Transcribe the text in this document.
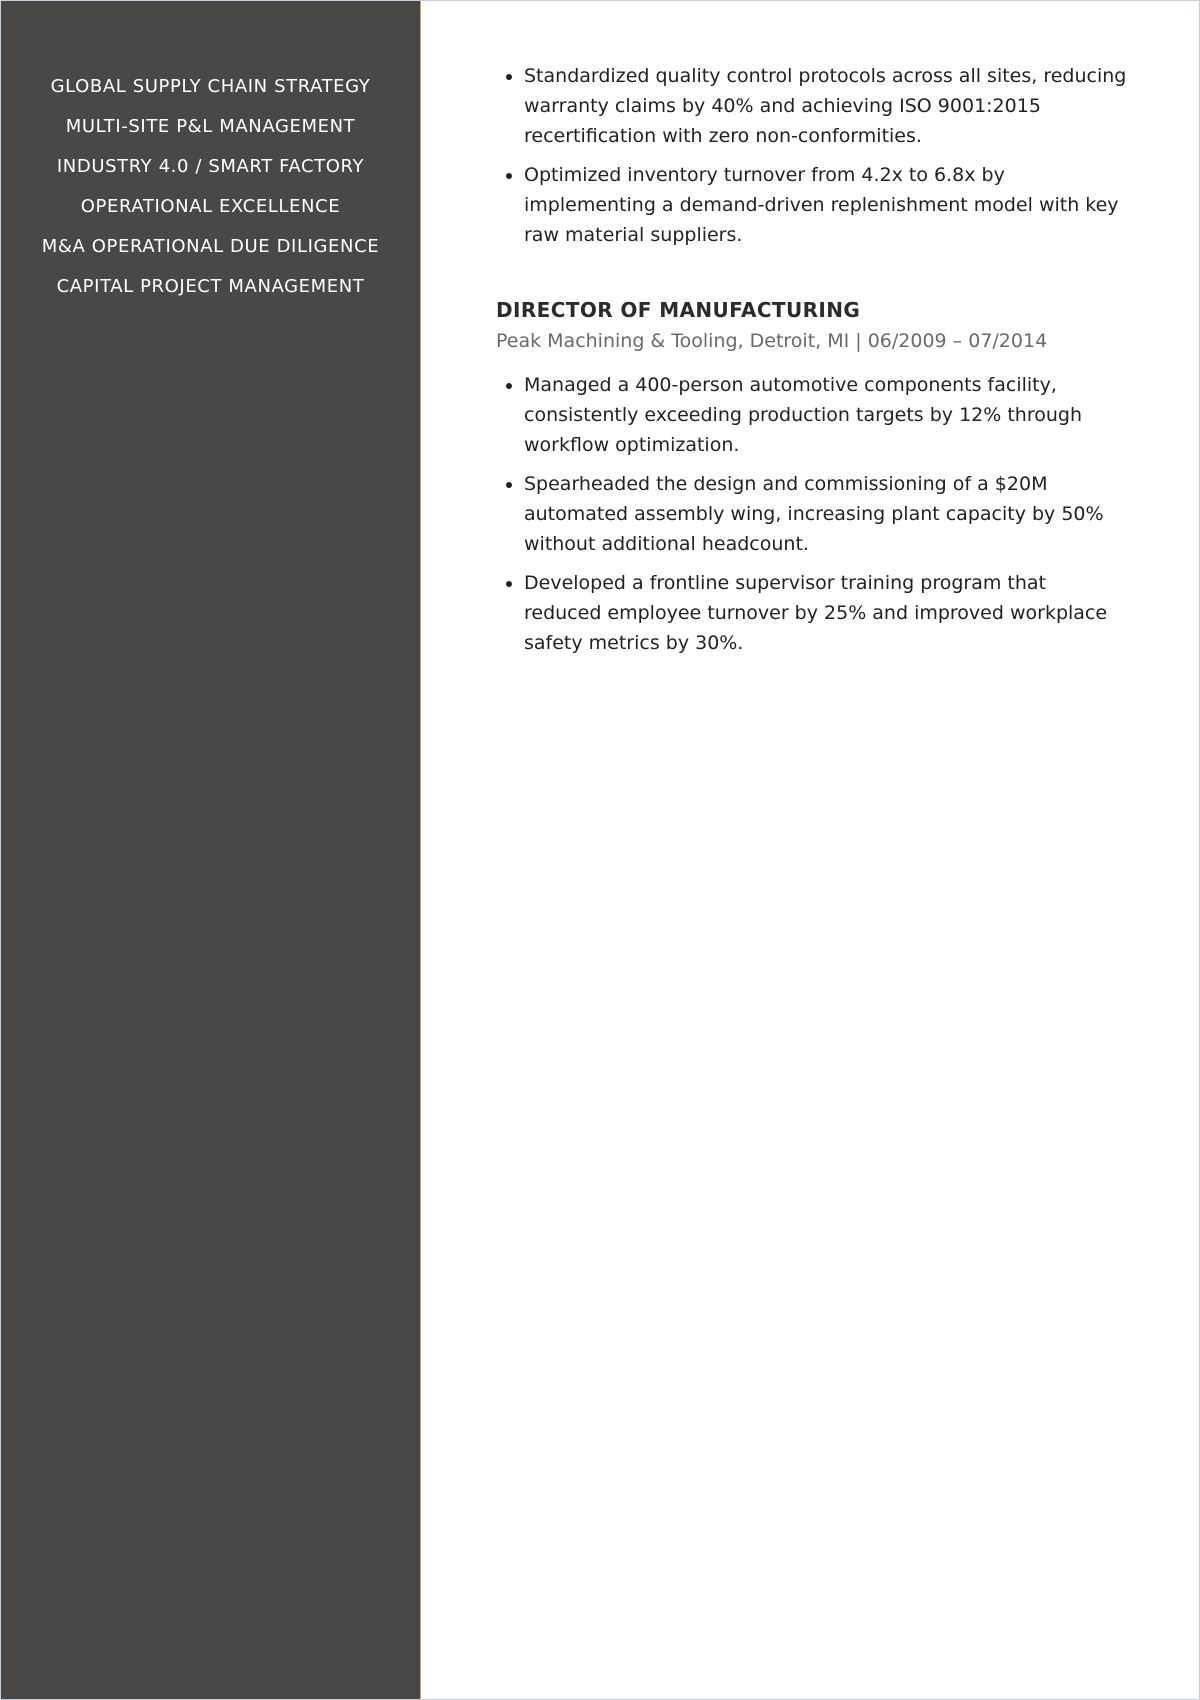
GLOBAL SUPPLY CHAIN STRATEGY
MULTI-SITE P&L MANAGEMENT
INDUSTRY 4.0 / SMART FACTORY
OPERATIONAL EXCELLENCE
M&A OPERATIONAL DUE DILIGENCE
CAPITAL PROJECT MANAGEMENT
• Standardized quality control protocols across all sites, reducing warranty claims by 40% and achieving ISO 9001:2015 recertification with zero non-conformities.
• Optimized inventory turnover from 4.2x to 6.8x by implementing a demand-driven replenishment model with key raw material suppliers.
DIRECTOR OF MANUFACTURING
Peak Machining & Tooling, Detroit, MI | 06/2009 – 07/2014
• Managed a 400-person automotive components facility, consistently exceeding production targets by 12% through workflow optimization.
• Spearheaded the design and commissioning of a $20M automated assembly wing, increasing plant capacity by 50% without additional headcount.
• Developed a frontline supervisor training program that reduced employee turnover by 25% and improved workplace safety metrics by 30%.
